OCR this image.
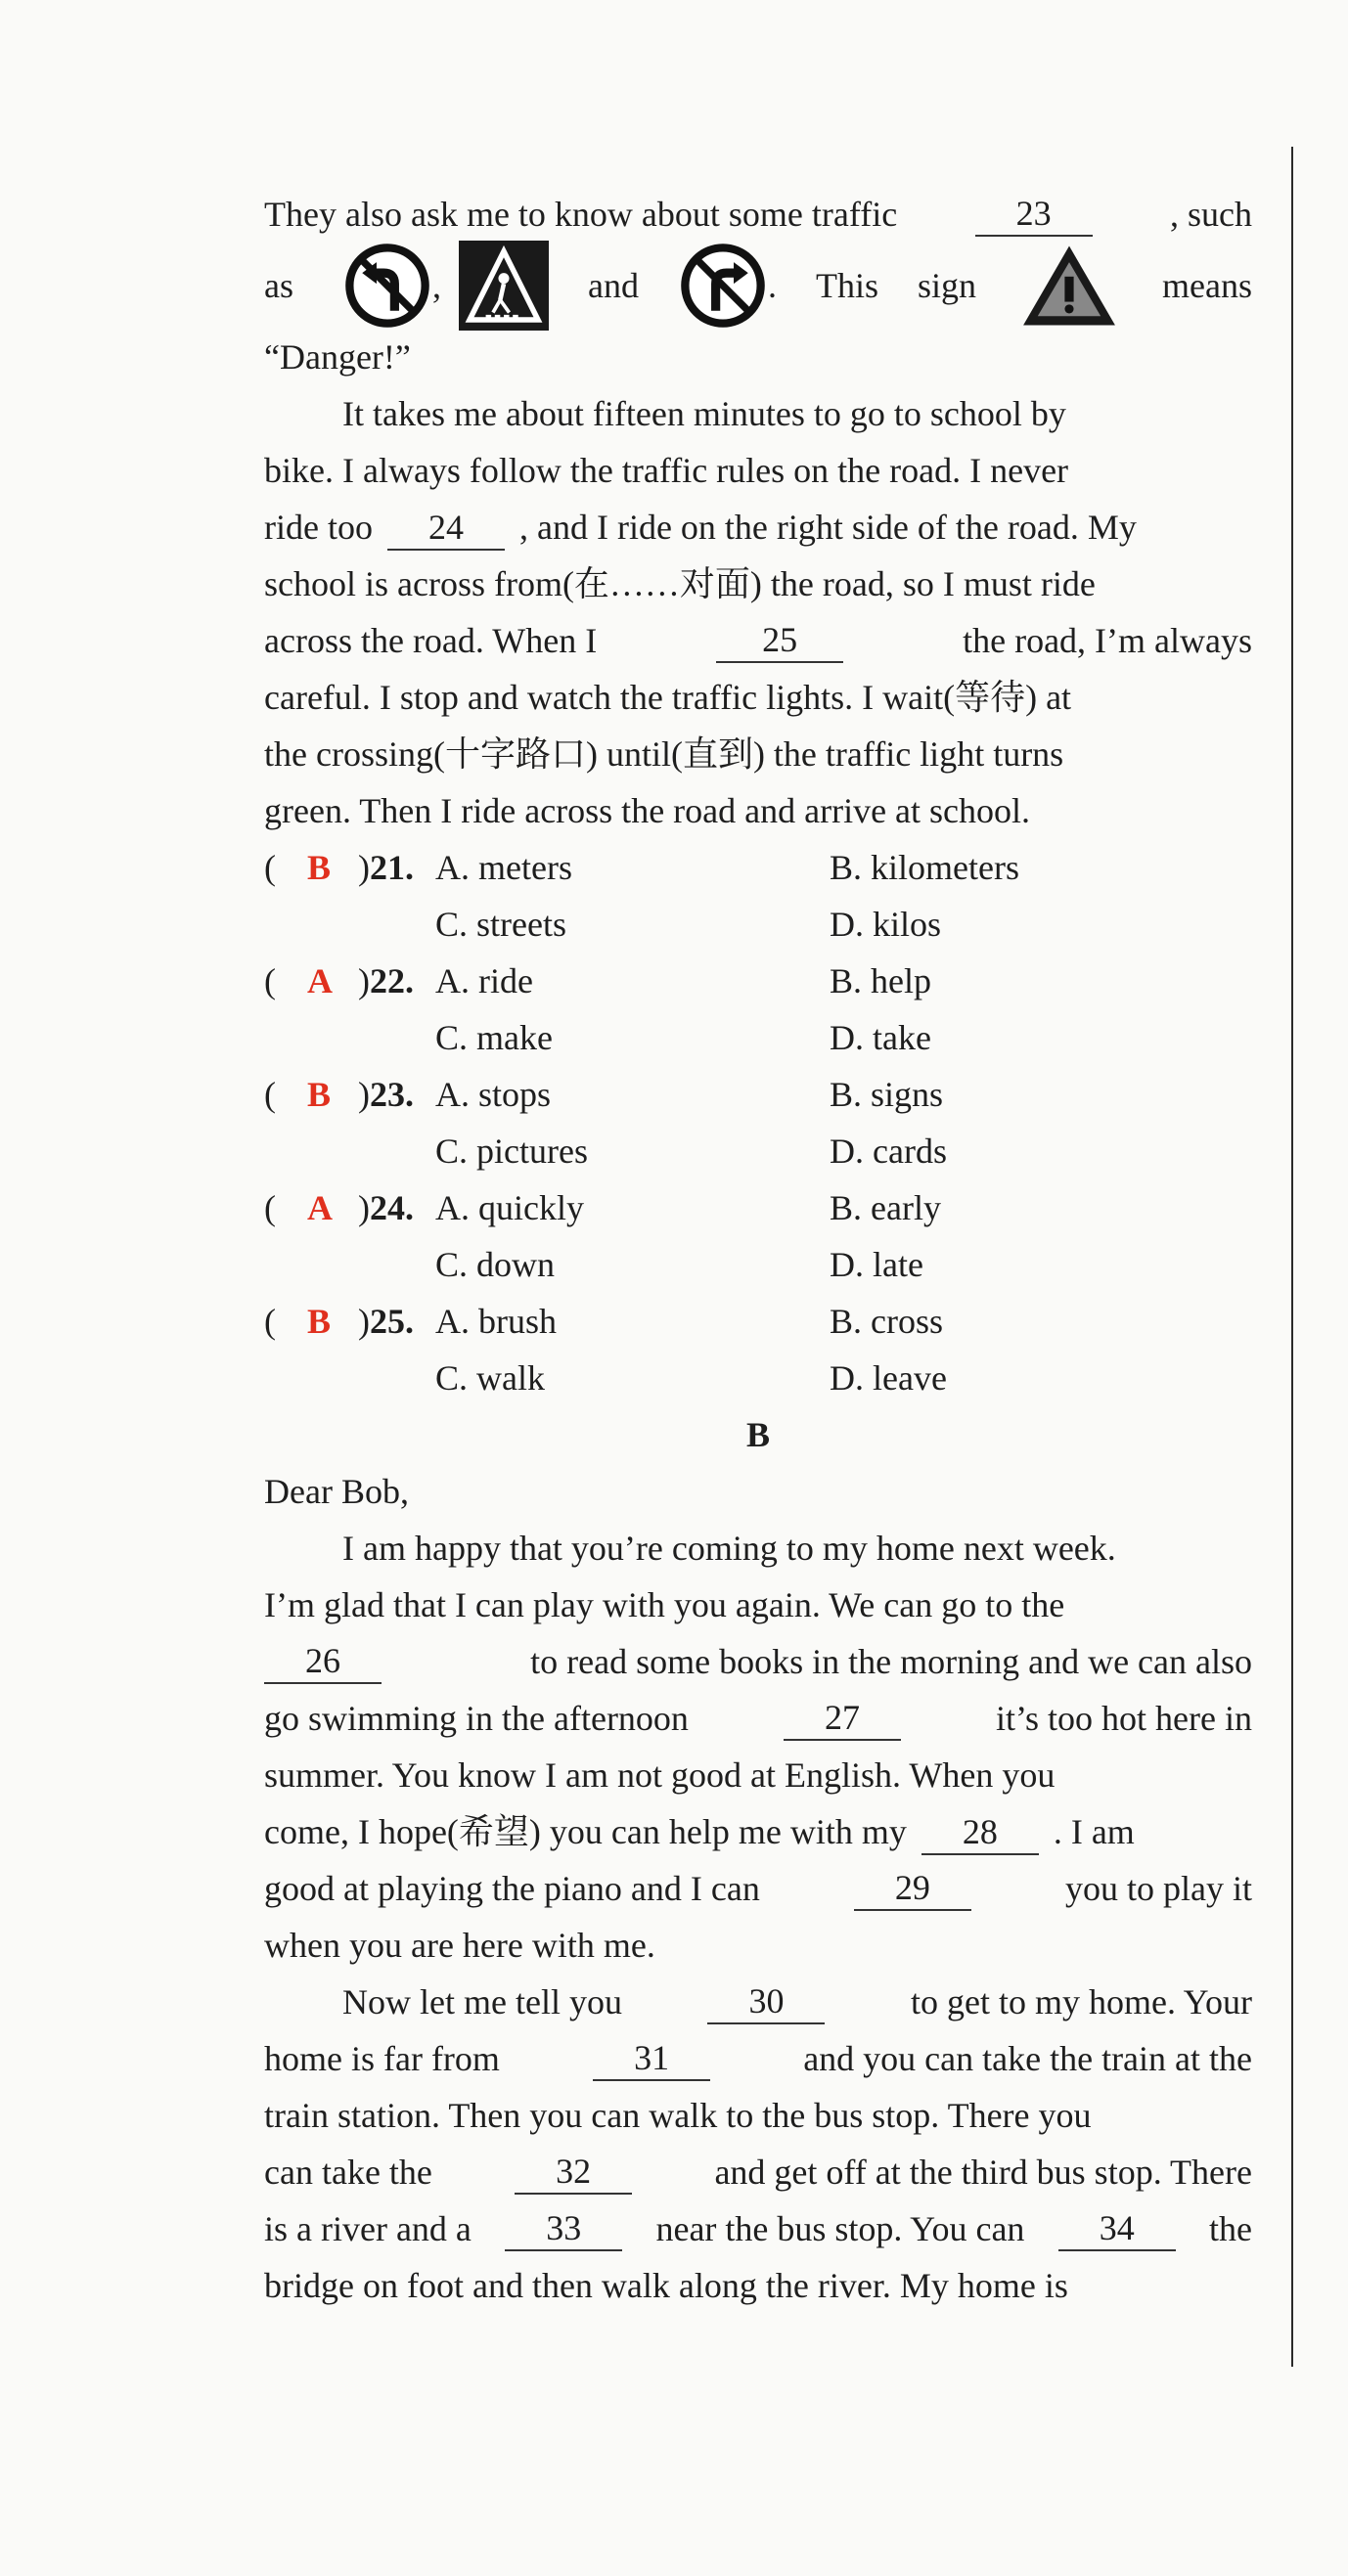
They also ask me to know about some traffic	23	, such
as	,	and	. This sign	means
“Danger!”
It takes me about fifteen minutes to go to school by
bike. I always follow the traffic rules on the road. I never
ride too 24 , and I ride on the right side of the road. My
school is across from(在……对面) the road, so I must ride
across the road. When I	25	the road, I’m always
careful. I stop and watch the traffic lights. I wait(等待) at
the crossing(十字路口) until(直到) the traffic light turns
green. Then I ride across the road and arrive at school.
( B )21. A. meters	B. kilometers
C. streets	D. kilos
( A )22. A. ride	B. help
C. make	D. take
( B )23. A. stops	B. signs
C. pictures	D. cards
( A )24. A. quickly	B. early
C. down	D. late
( B )25. A. brush	B. cross
C. walk	D. leave
B
Dear Bob,
I am happy that you’re coming to my home next week.
I’m glad that I can play with you again. We can go to the
26	to read some books in the morning and we can also
go swimming in the afternoon	27	it’s too hot here in
summer. You know I am not good at English. When you
come, I hope(希望) you can help me with my 28 . I am
good at playing the piano and I can	29	you to play it
when you are here with me.
Now let me tell you	30	to get to my home. Your
home is far from	31	and you can take the train at the
train station. Then you can walk to the bus stop. There you
can take the	32	and get off at the third bus stop. There
is a river and a	33	near the bus stop. You can	34	the
bridge on foot and then walk along the river. My home is
